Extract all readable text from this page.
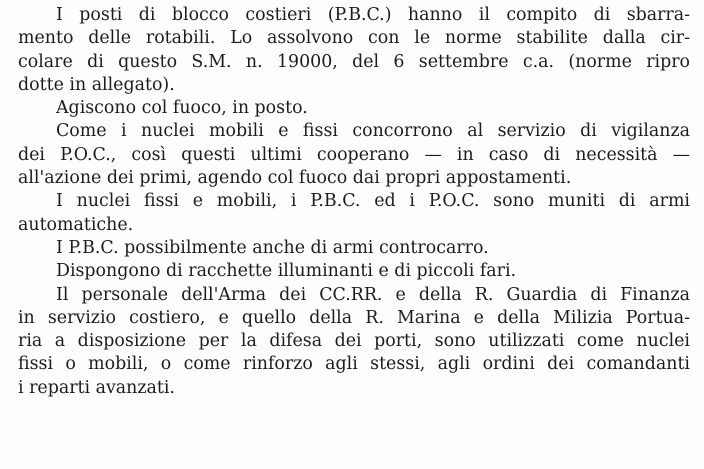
I posti di blocco costieri (P.B.C.) hanno il compito di sbarra-
mento delle rotabili. Lo assolvono con le norme stabilite dalla cir-
colare di questo S.M. n. 19000, del 6 settembre c.a. (norme ripro
dotte in allegato).
Agiscono col fuoco, in posto.
Come i nuclei mobili e fissi concorrono al servizio di vigilanza
dei P.O.C., così questi ultimi cooperano — in caso di necessità —
all'azione dei primi, agendo col fuoco dai propri appostamenti.
I nuclei fissi e mobili, i P.B.C. ed i P.O.C. sono muniti di armi
automatiche.
I P.B.C. possibilmente anche di armi controcarro.
Dispongono di racchette illuminanti e di piccoli fari.
Il personale dell'Arma dei CC.RR. e della R. Guardia di Finanza
in servizio costiero, e quello della R. Marina e della Milizia Portua-
ria a disposizione per la difesa dei porti, sono utilizzati come nuclei
fissi o mobili, o come rinforzo agli stessi, agli ordini dei comandanti
i reparti avanzati.
